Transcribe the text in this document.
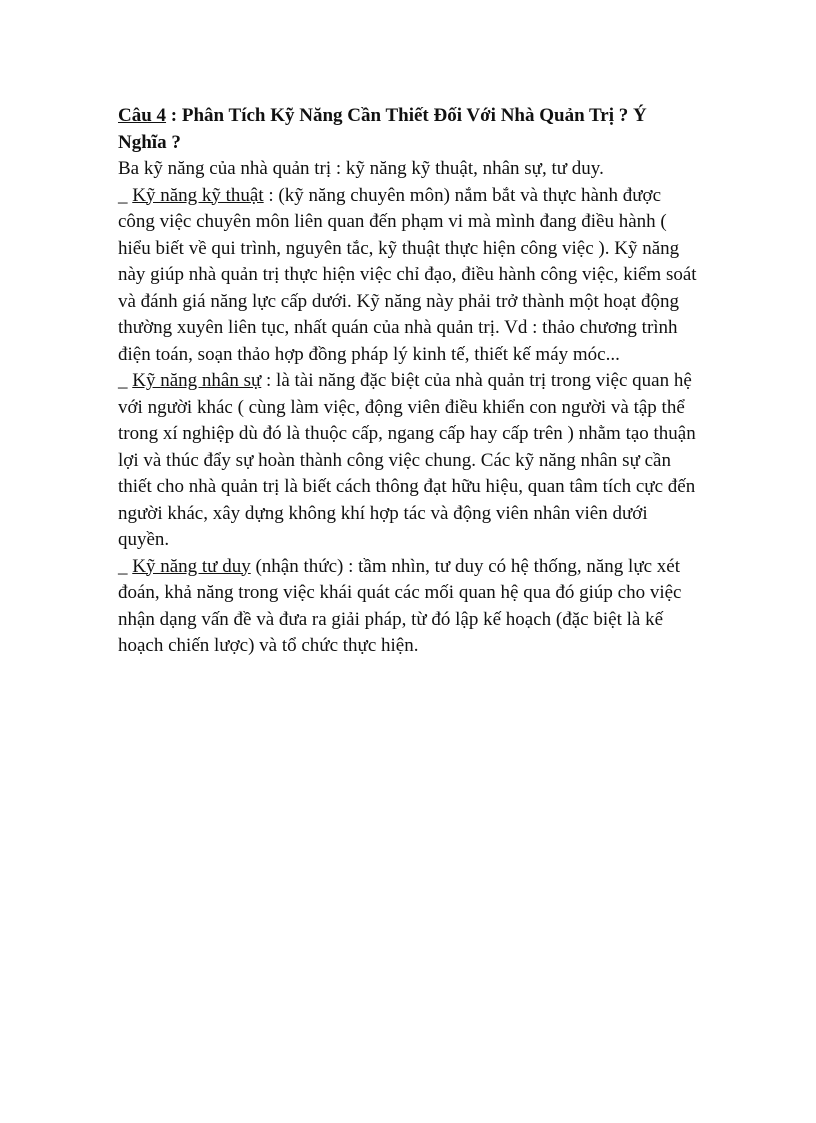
Câu 4 : Phân Tích Kỹ Năng Cần Thiết Đối Với Nhà Quản Trị ? Ý Nghĩa ?

Ba kỹ năng của nhà quản trị : kỹ năng kỹ thuật, nhân sự, tư duy.

_ Kỹ năng kỹ thuật : (kỹ năng chuyên môn) nắm bắt và thực hành được công việc chuyên môn liên quan đến phạm vi mà mình đang điều hành ( hiểu biết về qui trình, nguyên tắc, kỹ thuật thực hiện công việc ). Kỹ năng này giúp nhà quản trị thực hiện việc chỉ đạo, điều hành công việc, kiểm soát và đánh giá năng lực cấp dưới. Kỹ năng này phải trở thành một hoạt động thường xuyên liên tục, nhất quán của nhà quản trị. Vd : thảo chương trình điện toán, soạn thảo hợp đồng pháp lý kinh tế, thiết kế máy móc...

_ Kỹ năng nhân sự : là tài năng đặc biệt của nhà quản trị trong việc quan hệ với người khác ( cùng làm việc, động viên điều khiển con người và tập thể trong xí nghiệp dù đó là thuộc cấp, ngang cấp hay cấp trên ) nhằm tạo thuận lợi và thúc đẩy sự hoàn thành công việc chung. Các kỹ năng nhân sự cần thiết cho nhà quản trị là biết cách thông đạt hữu hiệu, quan tâm tích cực đến người khác, xây dựng không khí hợp tác và động viên nhân viên dưới quyền.

_ Kỹ năng tư duy (nhận thức) : tầm nhìn, tư duy có hệ thống, năng lực xét đoán, khả năng trong việc khái quát các mối quan hệ qua đó giúp cho việc nhận dạng vấn đề và đưa ra giải pháp, từ đó lập kế hoạch (đặc biệt là kế hoạch chiến lược) và tổ chức thực hiện.
